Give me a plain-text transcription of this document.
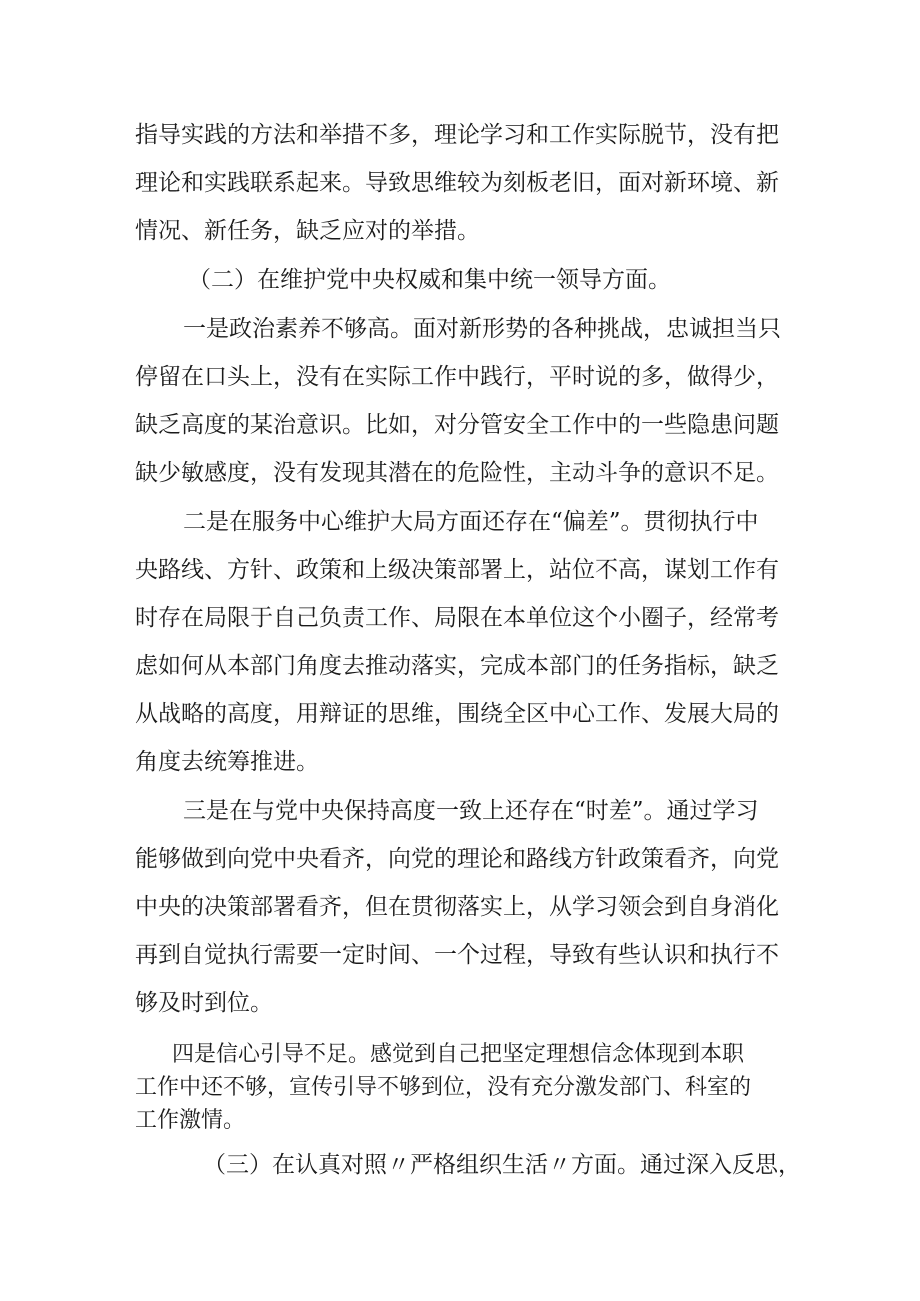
指导实践的方法和举措不多，理论学习和工作实际脱节，没有把
理论和实践联系起来。导致思维较为刻板老旧，面对新环境、新
情况、新任务，缺乏应对的举措。
（二）在维护党中央权威和集中统一领导方面。
一是政治素养不够高。面对新形势的各种挑战，忠诚担当只
停留在口头上，没有在实际工作中践行，平时说的多，做得少，
缺乏高度的某治意识。比如，对分管安全工作中的一些隐患问题
缺少敏感度，没有发现其潜在的危险性，主动斗争的意识不足。
二是在服务中心维护大局方面还存在“偏差”。贯彻执行中
央路线、方针、政策和上级决策部署上，站位不高，谋划工作有
时存在局限于自己负责工作、局限在本单位这个小圈子，经常考
虑如何从本部门角度去推动落实，完成本部门的任务指标，缺乏
从战略的高度，用辩证的思维，围绕全区中心工作、发展大局的
角度去统筹推进。
三是在与党中央保持高度一致上还存在“时差”。通过学习
能够做到向党中央看齐，向党的理论和路线方针政策看齐，向党
中央的决策部署看齐，但在贯彻落实上，从学习领会到自身消化
再到自觉执行需要一定时间、一个过程，导致有些认识和执行不
够及时到位。
四是信心引导不足。感觉到自己把坚定理想信念体现到本职
工作中还不够，宣传引导不够到位，没有充分激发部门、科室的
工作激情。
（三）在认真对照〃严格组织生活〃方面。通过深入反思，
